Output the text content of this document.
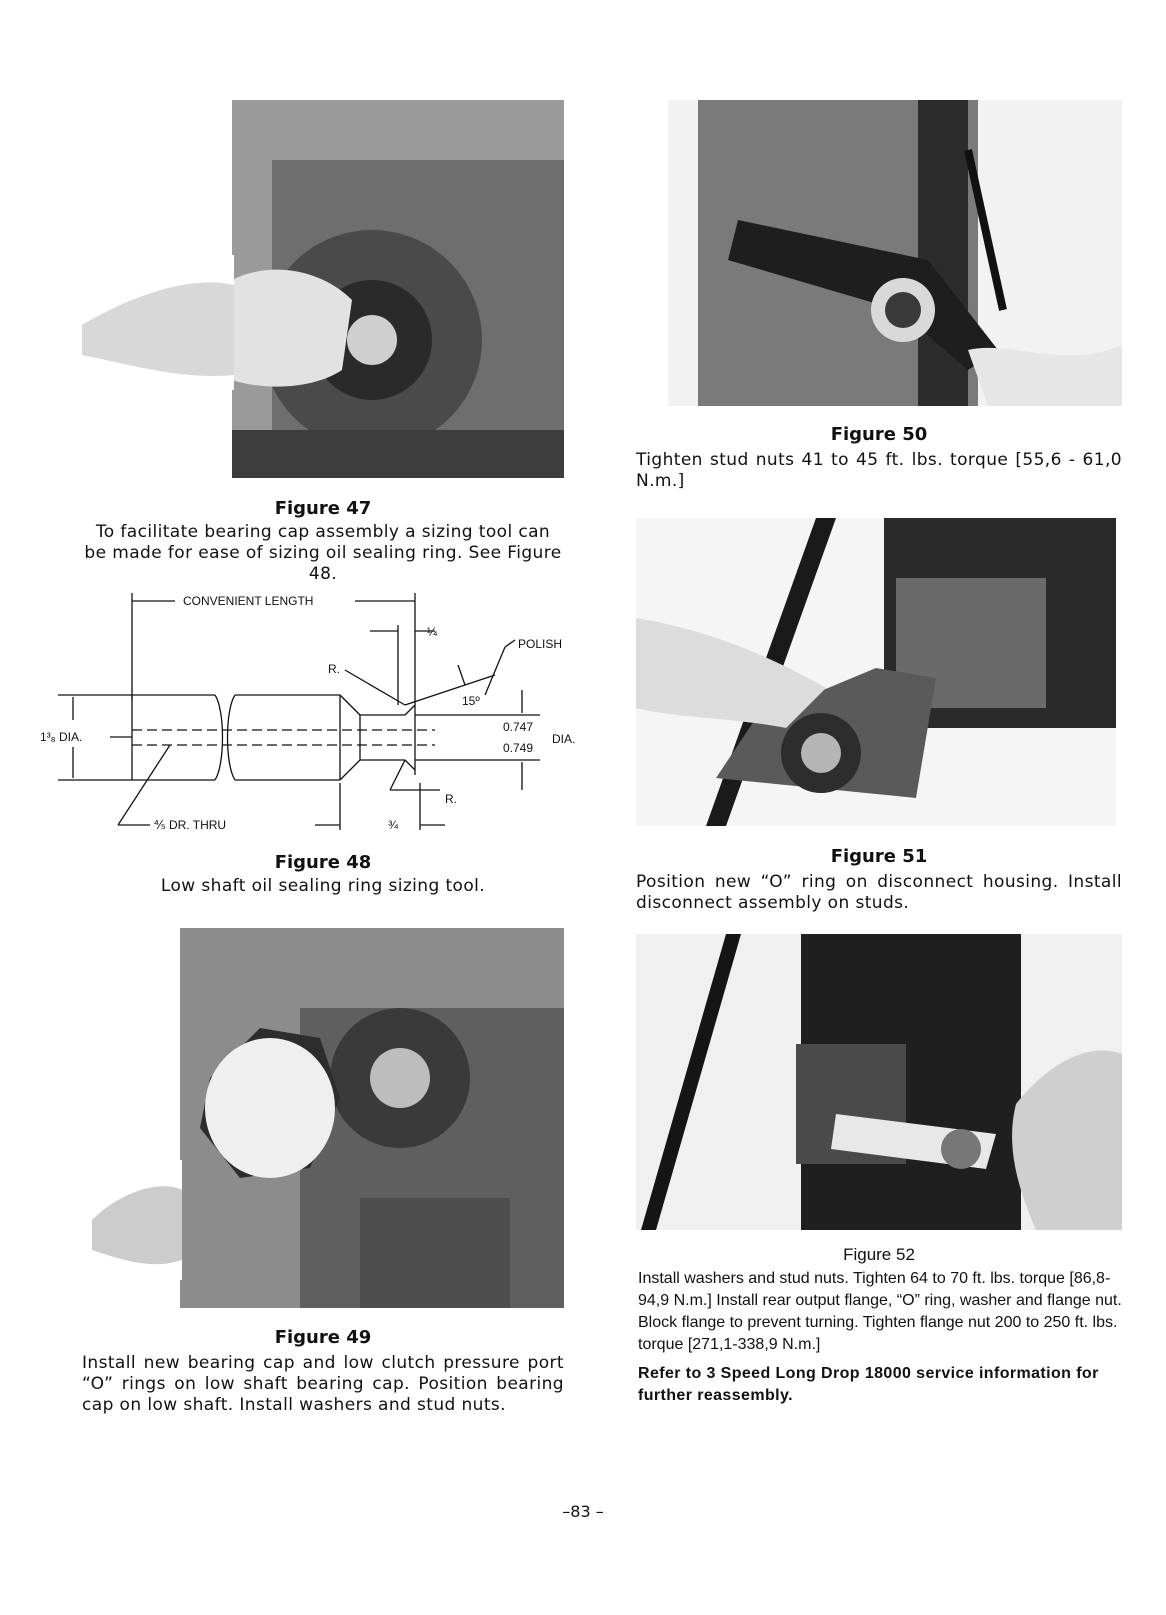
Figure 47
To facilitate bearing cap assembly a sizing tool can be made for ease of sizing oil sealing ring. See Figure 48.
CONVENIENT LENGTH
¼
POLISH
R.
15º
1³₈ DIA.
0.747
0.749
DIA.
R.
⅘ DR. THRU	¾
Figure 48
Low shaft oil sealing ring sizing tool.
Figure 49
Install new bearing cap and low clutch pressure port “O” rings on low shaft bearing cap. Position bearing cap on low shaft. Install washers and stud nuts.
Figure 50
Tighten stud nuts 41 to 45 ft. lbs. torque [55,6 - 61,0 N.m.]
Figure 51
Position new “O” ring on disconnect housing. Install disconnect assembly on studs.
Figure 52
Install washers and stud nuts. Tighten 64 to 70 ft. lbs. torque [86,8-94,9 N.m.] Install rear output flange, “O” ring, washer and flange nut. Block flange to prevent turning. Tighten flange nut 200 to 250 ft. lbs. torque [271,1-338,9 N.m.]
Refer to 3 Speed Long Drop 18000 service information for further reassembly.
–83 –
